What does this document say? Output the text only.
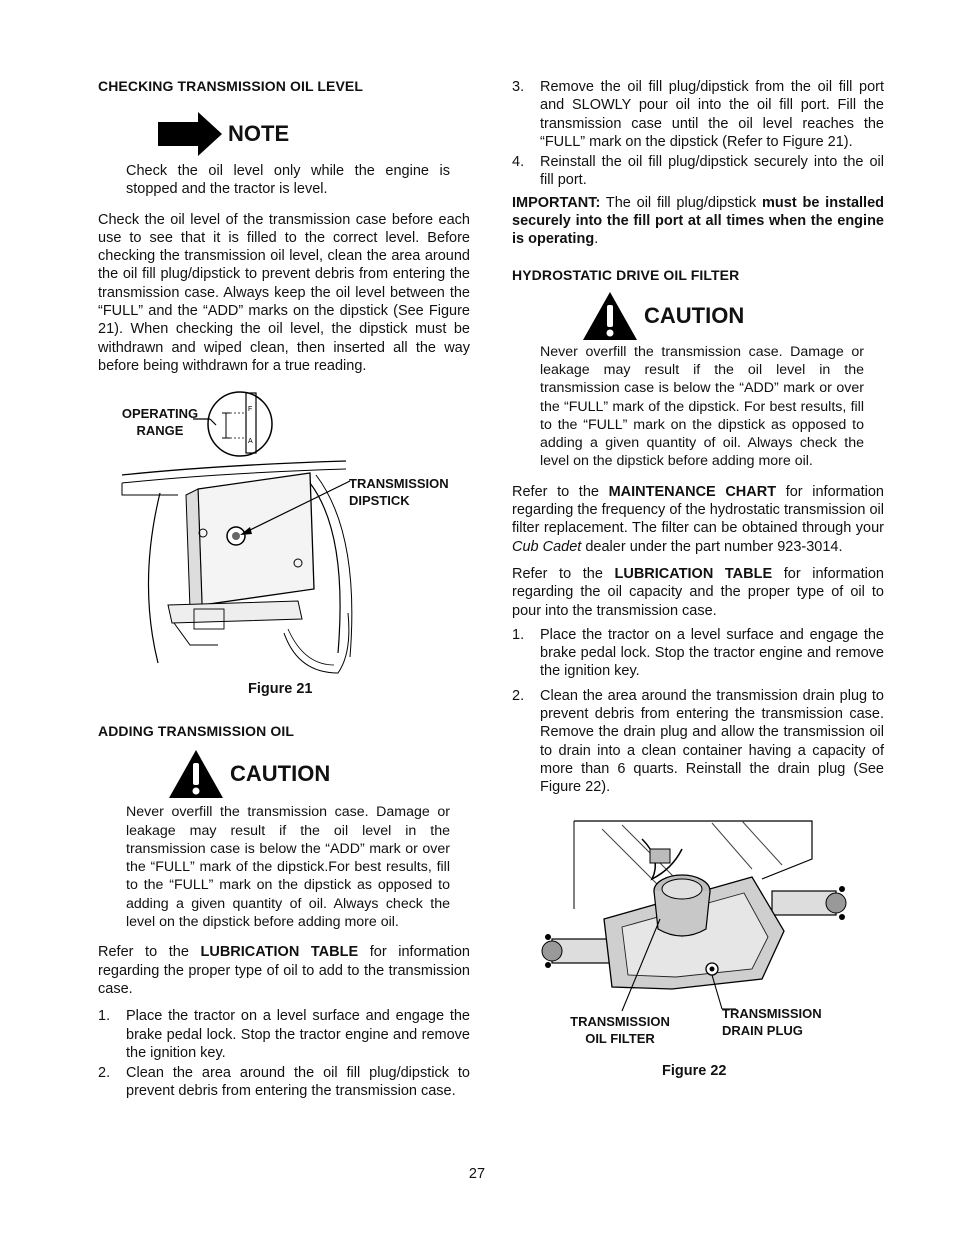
CHECKING TRANSMISSION OIL LEVEL
NOTE

Check the oil level only while the engine is stopped and the tractor is level.

Check the oil level of the transmission case before each use to see that it is filled to the correct level. Before checking the transmission oil level, clean the area around the oil fill plug/dipstick to prevent debris from entering the transmission case. Always keep the oil level between the “FULL” and the “ADD” marks on the dipstick (See Figure 21). When checking the oil level, the dipstick must be withdrawn and wiped clean, then inserted all the way before being withdrawn for a true reading.

OPERATING RANGE
TRANSMISSION DIPSTICK
F
A
Figure 21
ADDING TRANSMISSION OIL
CAUTION

Never overfill the transmission case. Damage or leakage may result if the oil level in the transmission case is below the “ADD” mark or over the “FULL” mark of the dipstick.For best results, fill to the “FULL” mark on the dipstick as opposed to adding a given quantity of oil. Always check the level on the dipstick before adding more oil.

Refer to the LUBRICATION TABLE for information regarding the proper type of oil to add to the transmission case.

1.	Place the tractor on a level surface and engage the brake pedal lock. Stop the tractor engine and remove the ignition key.
2.	Clean the area around the oil fill plug/dipstick to prevent debris from entering the transmission case.
3.	Remove the oil fill plug/dipstick from the oil fill port and SLOWLY pour oil into the oil fill port. Fill the transmission case until the oil level reaches the “FULL” mark on the dipstick (Refer to Figure 21).
4.	Reinstall the oil fill plug/dipstick securely into the oil fill port.

IMPORTANT: The oil fill plug/dipstick must be installed securely into the fill port at all times when the engine is operating.

HYDROSTATIC DRIVE OIL FILTER
CAUTION

Never overfill the transmission case. Damage or leakage may result if the oil level in the transmission case is below the “ADD” mark or over the “FULL” mark of the dipstick. For best results, fill to the “FULL” mark on the dipstick as opposed to adding a given quantity of oil. Always check the level on the dipstick before adding more oil.

Refer to the MAINTENANCE CHART for information regarding the frequency of the hydrostatic transmission oil filter replacement. The filter can be obtained through your Cub Cadet dealer under the part number 923-3014.

Refer to the LUBRICATION TABLE for information regarding the oil capacity and the proper type of oil to pour into the transmission case.

1.	Place the tractor on a level surface and engage the brake pedal lock. Stop the tractor engine and remove the ignition key.
2.	Clean the area around the transmission drain plug to prevent debris from entering the transmission case. Remove the drain plug and allow the transmission oil to drain into a clean container having a capacity of more than 6 quarts. Reinstall the drain plug (See Figure 22).
TRANSMISSION OIL FILTER
TRANSMISSION DRAIN PLUG
Figure 22
27
